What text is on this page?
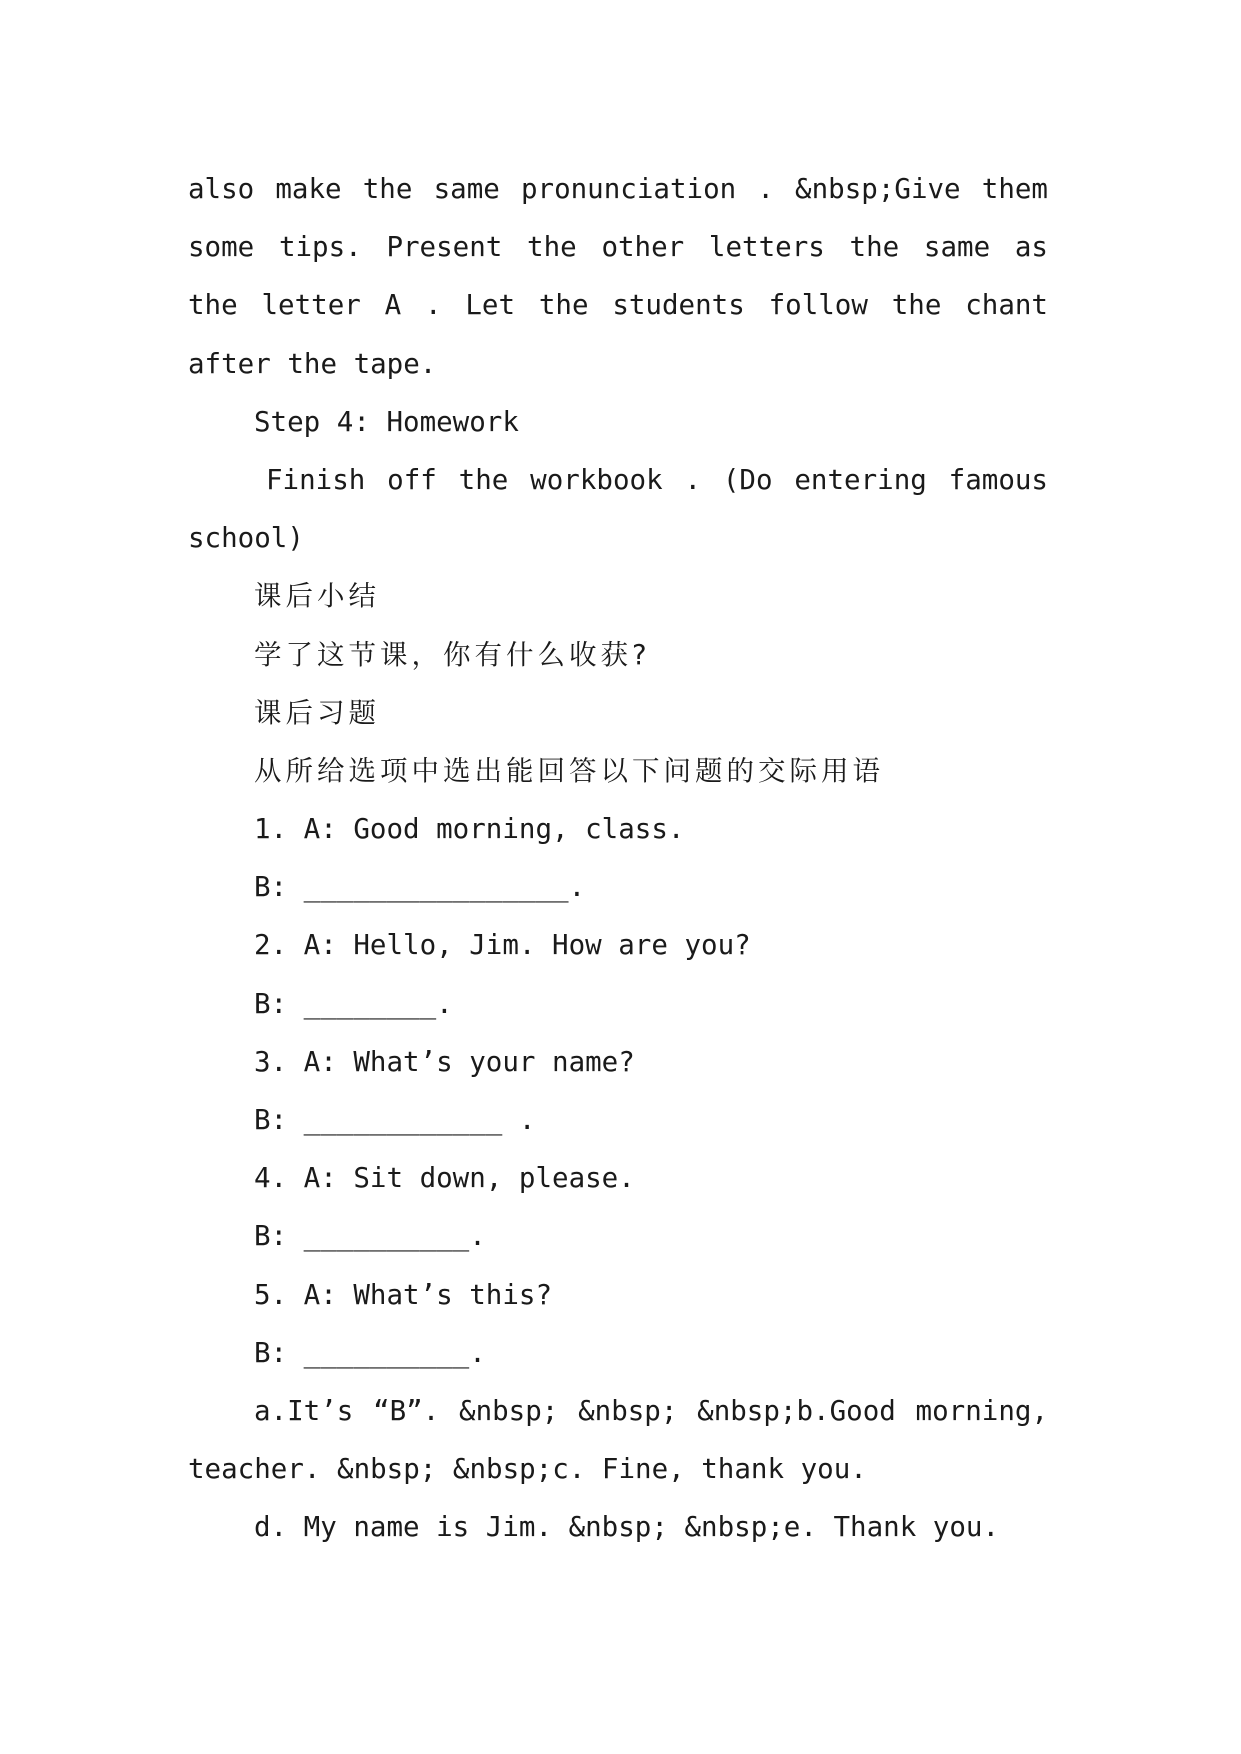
also make the same pronunciation . &nbsp;Give them
some tips. Present the other letters the same as
the letter A . Let the students follow the chant
after the tape.
Step 4: Homework
Finish off the workbook . (Do entering famous
school)
课后小结
学了这节课，你有什么收获?
课后习题
从所给选项中选出能回答以下问题的交际用语
1. A: Good morning, class.
B: ________________.
2. A: Hello, Jim. How are you?
B: ________.
3. A: What’s your name?
B: ____________ .
4. A: Sit down, please.
B: __________.
5. A: What’s this?
B: __________.
a.It’s “B”. &nbsp; &nbsp; &nbsp;b.Good morning,
teacher. &nbsp; &nbsp;c. Fine, thank you.
d. My name is Jim. &nbsp; &nbsp;e. Thank you.
